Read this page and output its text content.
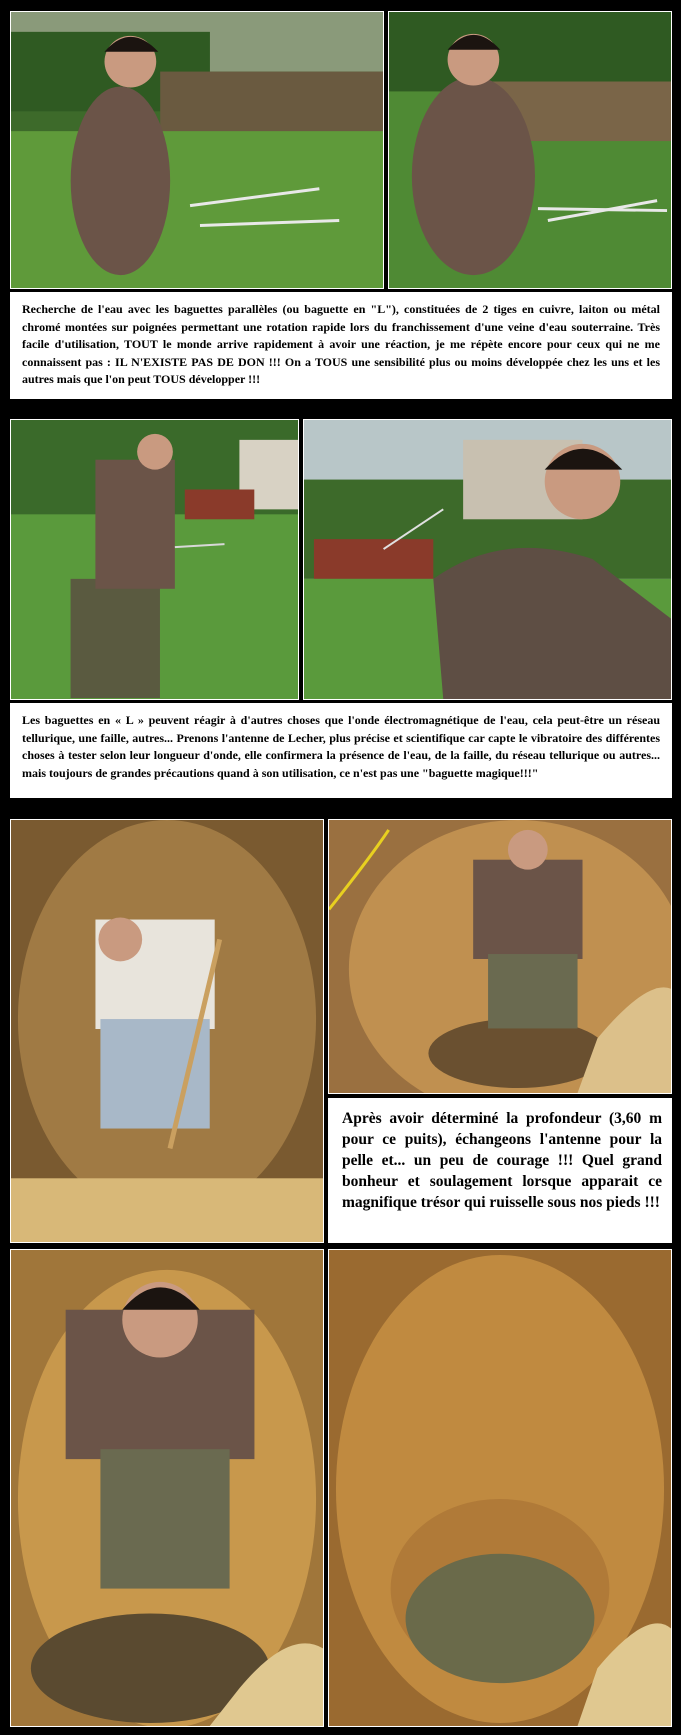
Recherche de l'eau avec les baguettes parallèles (ou baguette en "L"), constituées de 2 tiges en cuivre, laiton ou métal chromé montées sur poignées permettant une rotation rapide lors du franchissement d'une veine d'eau souterraine. Très facile d'utilisation, TOUT le monde arrive rapidement à avoir une réaction, je me répète encore pour ceux qui ne me connaissent pas : IL N'EXISTE PAS DE DON !!! On a TOUS une sensibilité plus ou moins développée chez les uns et les autres mais que l'on peut TOUS développer !!!
Les baguettes en « L » peuvent réagir à d'autres choses que l'onde électromagnétique de l'eau, cela peut-être un réseau tellurique, une faille, autres... Prenons l'antenne de Lecher, plus précise et scientifique car capte le vibratoire des différentes choses à tester selon leur longueur d'onde, elle confirmera la présence de l'eau, de la faille, du réseau tellurique ou autres... mais toujours de grandes précautions quand à son utilisation, ce n'est pas une "baguette magique!!!"
Après avoir déterminé la profondeur (3,60 m pour ce puits), échangeons l'antenne pour la pelle et... un peu de courage !!! Quel grand bonheur et soulagement lorsque apparait ce magnifique trésor qui ruisselle sous nos pieds !!!
